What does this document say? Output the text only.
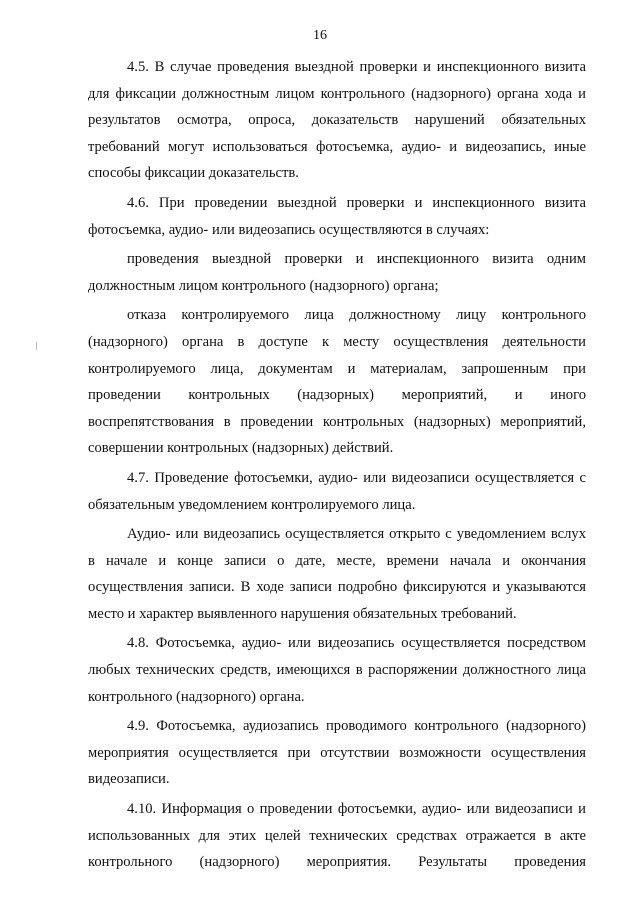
16

4.5. В случае проведения выездной проверки и инспекционного визита для фиксации должностным лицом контрольного (надзорного) органа хода и результатов осмотра, опроса, доказательств нарушений обязательных требований могут использоваться фотосъемка, аудио- и видеозапись, иные способы фиксации доказательств.

4.6. При проведении выездной проверки и инспекционного визита фотосъемка, аудио- или видеозапись осуществляются в случаях:

проведения выездной проверки и инспекционного визита одним должностным лицом контрольного (надзорного) органа;

отказа контролируемого лица должностному лицу контрольного (надзорного) органа в доступе к месту осуществления деятельности контролируемого лица, документам и материалам, запрошенным при проведении контрольных (надзорных) мероприятий, и иного воспрепятствования в проведении контрольных (надзорных) мероприятий, совершении контрольных (надзорных) действий.

4.7. Проведение фотосъемки, аудио- или видеозаписи осуществляется с обязательным уведомлением контролируемого лица.

Аудио- или видеозапись осуществляется открыто с уведомлением вслух в начале и конце записи о дате, месте, времени начала и окончания осуществления записи. В ходе записи подробно фиксируются и указываются место и характер выявленного нарушения обязательных требований.

4.8. Фотосъемка, аудио- или видеозапись осуществляется посредством любых технических средств, имеющихся в распоряжении должностного лица контрольного (надзорного) органа.

4.9. Фотосъемка, аудиозапись проводимого контрольного (надзорного) мероприятия осуществляется при отсутствии возможности осуществления видеозаписи.

4.10. Информация о проведении фотосъемки, аудио- или видеозаписи и использованных для этих целей технических средствах отражается в акте контрольного (надзорного) мероприятия. Результаты проведения
